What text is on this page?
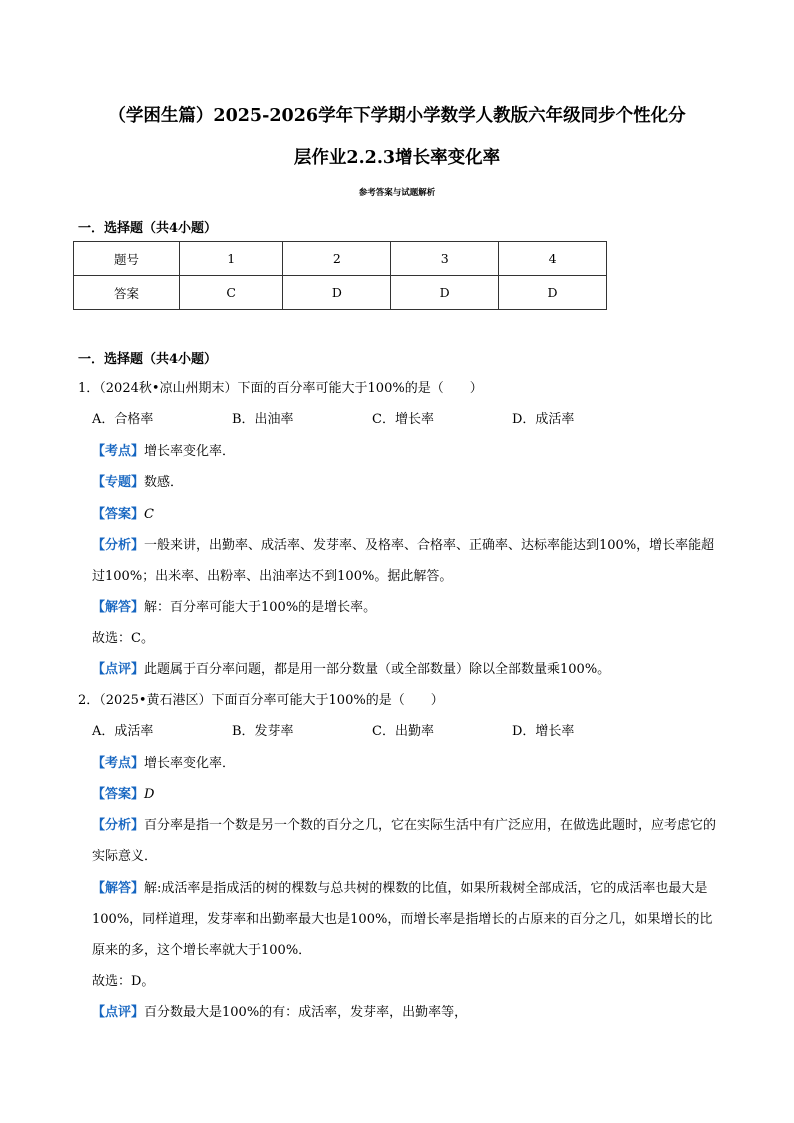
（学困生篇）2025-2026学年下学期小学数学人教版六年级同步个性化分
层作业2.2.3增长率变化率
参考答案与试题解析
一．选择题（共4小题）
题号	1	2	3	4
答案	C	D	D	D
一．选择题（共4小题）
1．（2024秋•凉山州期末）下面的百分率可能大于100%的是（　　）
A．合格率	B．出油率	C．增长率	D．成活率
【考点】增长率变化率．
【专题】数感．
【答案】C
【分析】一般来讲，出勤率、成活率、发芽率、及格率、合格率、正确率、达标率能达到100%，增长率能超过100%；出米率、出粉率、出油率达不到100%。据此解答。
【解答】解：百分率可能大于100%的是增长率。
故选：C。
【点评】此题属于百分率问题，都是用一部分数量（或全部数量）除以全部数量乘100%。
2．（2025•黄石港区）下面百分率可能大于100%的是（　　）
A．成活率	B．发芽率	C．出勤率	D．增长率
【考点】增长率变化率．
【答案】D
【分析】百分率是指一个数是另一个数的百分之几，它在实际生活中有广泛应用，在做选此题时，应考虑它的实际意义．
【解答】解:成活率是指成活的树的棵数与总共树的棵数的比值，如果所栽树全部成活，它的成活率也最大是100%，同样道理，发芽率和出勤率最大也是100%，而增长率是指增长的占原来的百分之几，如果增长的比原来的多，这个增长率就大于100%．
故选：D。
【点评】百分数最大是100%的有：成活率，发芽率，出勤率等，
